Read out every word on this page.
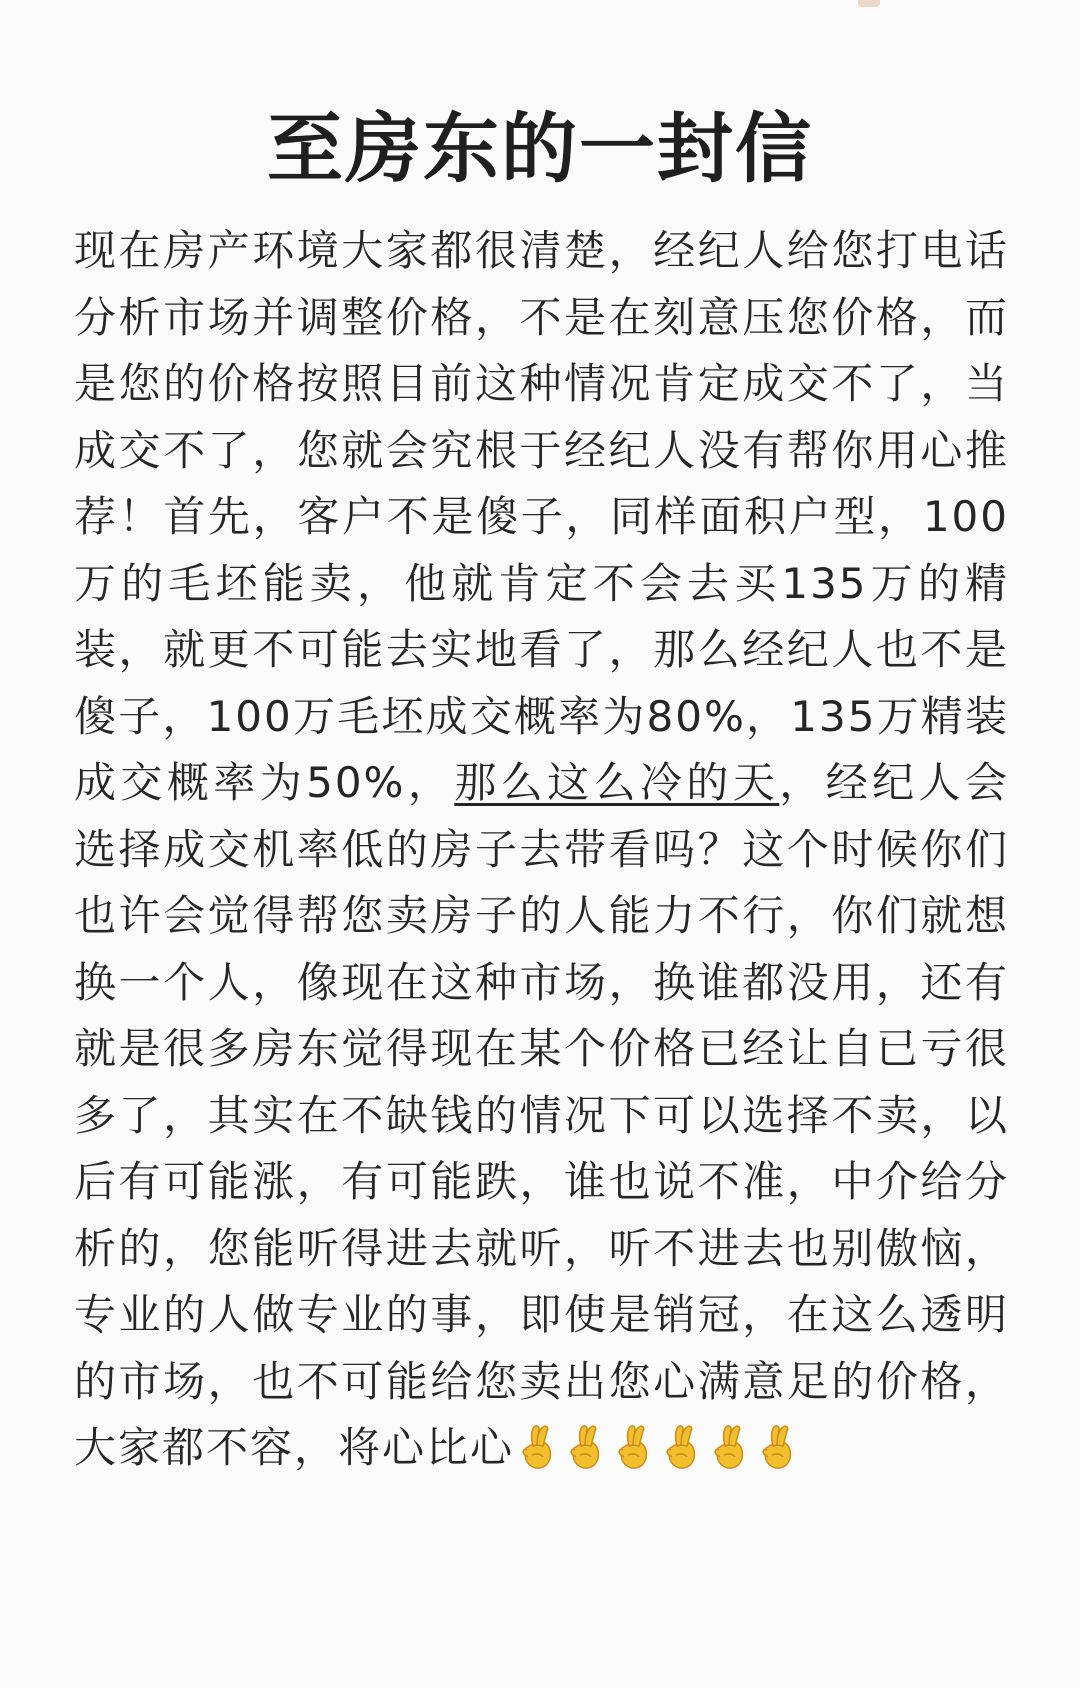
至房东的一封信

现在房产环境大家都很清楚，经纪人给您打电话分析市场并调整价格，不是在刻意压您价格，而是您的价格按照目前这种情况肯定成交不了，当成交不了，您就会究根于经纪人没有帮你用心推荐！首先，客户不是傻子，同样面积户型，100万的毛坯能卖，他就肯定不会去买135万的精装，就更不可能去实地看了，那么经纪人也不是傻子，100万毛坯成交概率为80%，135万精装成交概率为50%，那么这么冷的天，经纪人会选择成交机率低的房子去带看吗？这个时候你们也许会觉得帮您卖房子的人能力不行，你们就想换一个人，像现在这种市场，换谁都没用，还有就是很多房东觉得现在某个价格已经让自已亏很多了，其实在不缺钱的情况下可以选择不卖，以后有可能涨，有可能跌，谁也说不准，中介给分析的，您能听得进去就听，听不进去也别傲恼，专业的人做专业的事，即使是销冠，在这么透明的市场，也不可能给您卖出您心满意足的价格，大家都不容，将心比心
